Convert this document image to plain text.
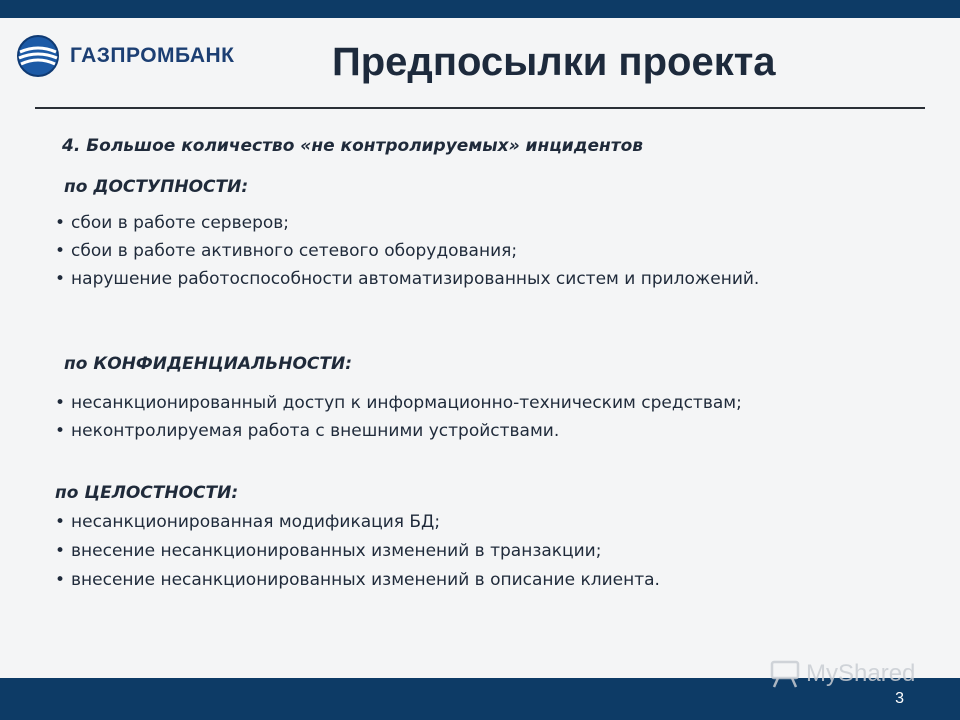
ГАЗПРОМБАНК Предпосылки проекта
4. Большое количество «не контролируемых» инцидентов
по ДОСТУПНОСТИ:
• сбои в работе серверов;
• сбои в работе активного сетевого оборудования;
• нарушение работоспособности автоматизированных систем и приложений.
по КОНФИДЕНЦИАЛЬНОСТИ:
• несанкционированный доступ к информационно-техническим средствам;
• неконтролируемая работа с внешними устройствами.
по ЦЕЛОСТНОСТИ:
• несанкционированная модификация БД;
• внесение несанкционированных изменений в транзакции;
• внесение несанкционированных изменений в описание клиента.
MyShared
3
